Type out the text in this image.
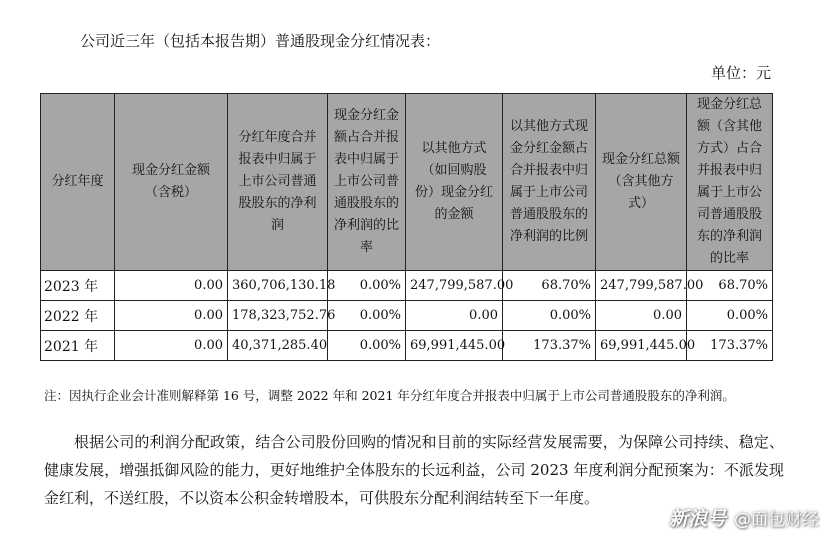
公司近三年（包括本报告期）普通股现金分红情况表：
单位：元
分红年度	现金分红金额（含税）	分红年度合并报表中归属于上市公司普通股股东的净利润	现金分红金额占合并报表中归属于上市公司普通股股东的净利润的比率	以其他方式（如回购股份）现金分红的金额	以其他方式现金分红金额占合并报表中归属于上市公司普通股股东的净利润的比例	现金分红总额（含其他方式）	现金分红总额（含其他方式）占合并报表中归属于上市公司普通股股东的净利润的比率
2023 年	0.00	360,706,130.18	0.00%	247,799,587.00	68.70%	247,799,587.00	68.70%
2022 年	0.00	178,323,752.76	0.00%	0.00	0.00%	0.00	0.00%
2021 年	0.00	40,371,285.40	0.00%	69,991,445.00	173.37%	69,991,445.00	173.37%
注：因执行企业会计准则解释第 16 号，调整 2022 年和 2021 年分红年度合并报表中归属于上市公司普通股股东的净利润。
根据公司的利润分配政策，结合公司股份回购的情况和目前的实际经营发展需要，为保障公司持续、稳定、健康发展，增强抵御风险的能力，更好地维护全体股东的长远利益，公司 2023 年度利润分配预案为：不派发现金红利，不送红股，不以资本公积金转增股本，可供股东分配利润结转至下一年度。
新浪号 @面包财经
